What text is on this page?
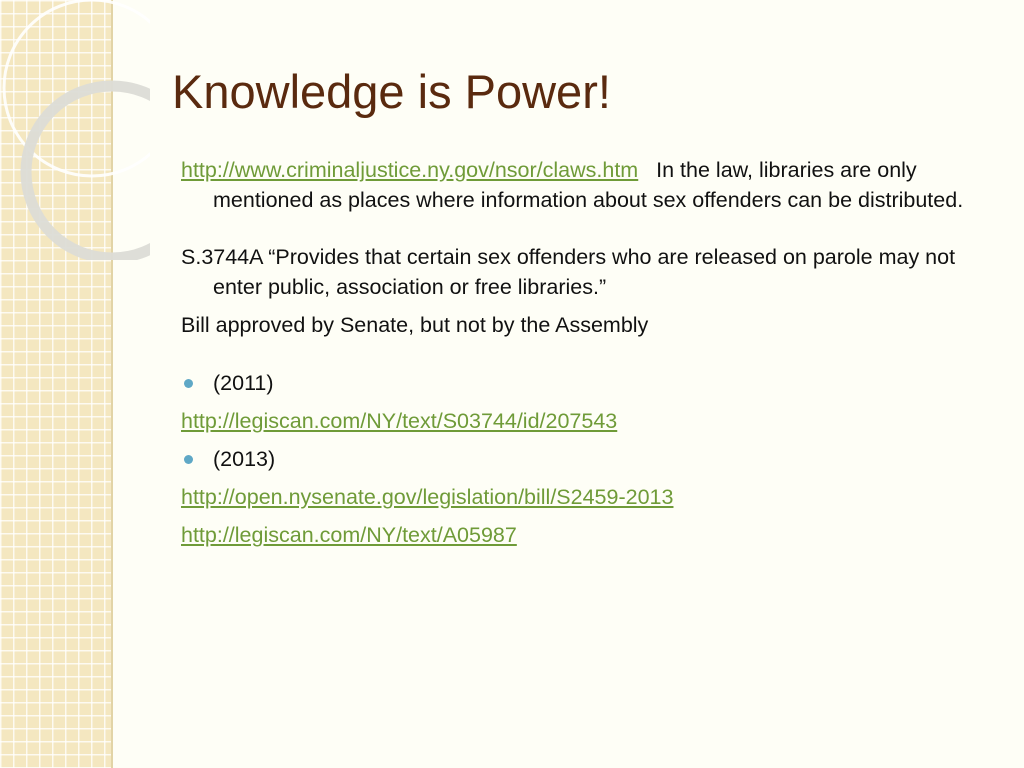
Knowledge is Power!

http://www.criminaljustice.ny.gov/nsor/claws.htm In the law, libraries are only mentioned as places where information about sex offenders can be distributed.

S.3744A “Provides that certain sex offenders who are released on parole may not enter public, association or free libraries.”

Bill approved by Senate, but not by the Assembly

(2011)

http://legiscan.com/NY/text/S03744/id/207543

(2013)

http://open.nysenate.gov/legislation/bill/S2459-2013

http://legiscan.com/NY/text/A05987
